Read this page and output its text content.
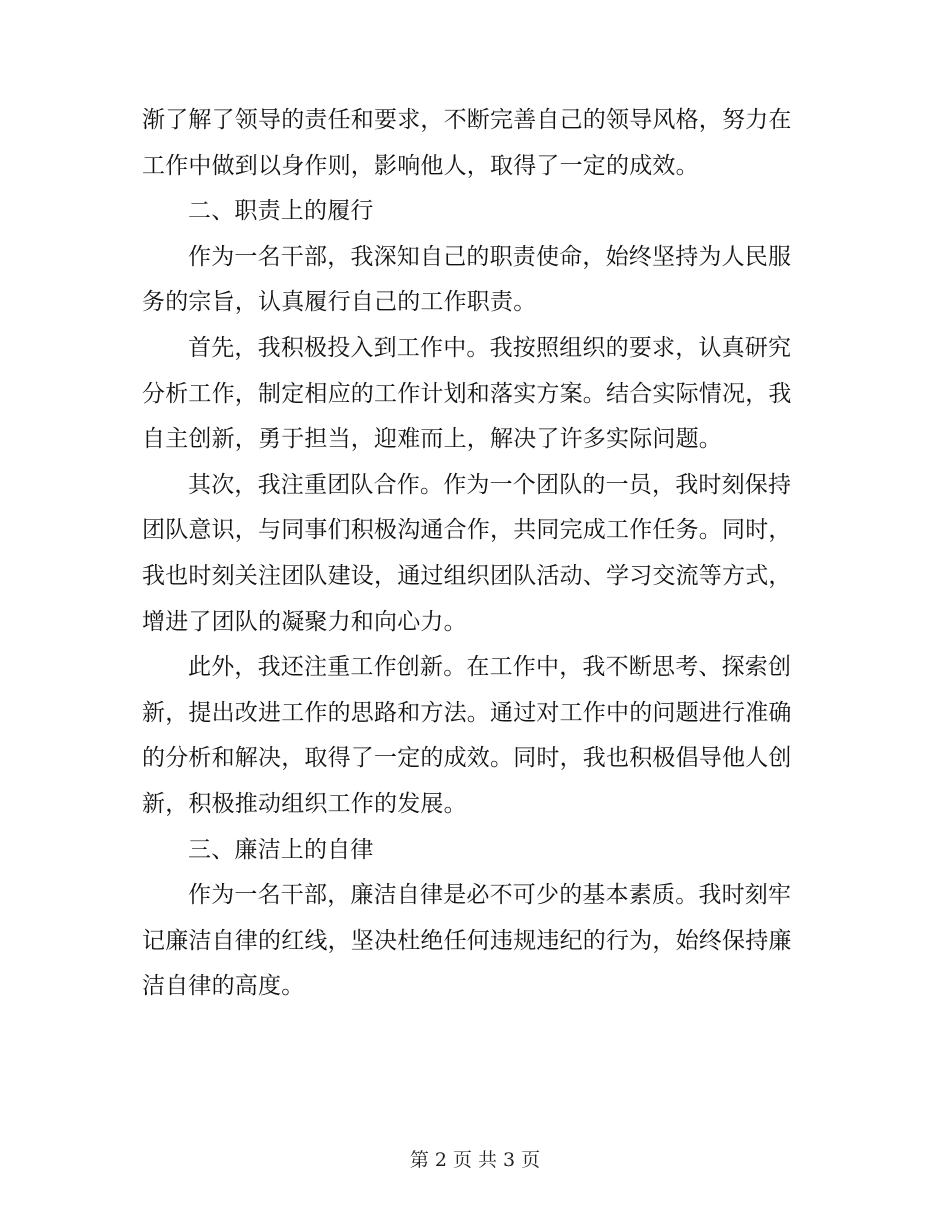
渐了解了领导的责任和要求，不断完善自己的领导风格，努力在
工作中做到以身作则，影响他人，取得了一定的成效。
二、职责上的履行
作为一名干部，我深知自己的职责使命，始终坚持为人民服
务的宗旨，认真履行自己的工作职责。
首先，我积极投入到工作中。我按照组织的要求，认真研究
分析工作，制定相应的工作计划和落实方案。结合实际情况，我
自主创新，勇于担当，迎难而上，解决了许多实际问题。
其次，我注重团队合作。作为一个团队的一员，我时刻保持
团队意识，与同事们积极沟通合作，共同完成工作任务。同时，
我也时刻关注团队建设，通过组织团队活动、学习交流等方式，
增进了团队的凝聚力和向心力。
此外，我还注重工作创新。在工作中，我不断思考、探索创
新，提出改进工作的思路和方法。通过对工作中的问题进行准确
的分析和解决，取得了一定的成效。同时，我也积极倡导他人创
新，积极推动组织工作的发展。
三、廉洁上的自律
作为一名干部，廉洁自律是必不可少的基本素质。我时刻牢
记廉洁自律的红线，坚决杜绝任何违规违纪的行为，始终保持廉
洁自律的高度。
第 2 页 共 3 页
